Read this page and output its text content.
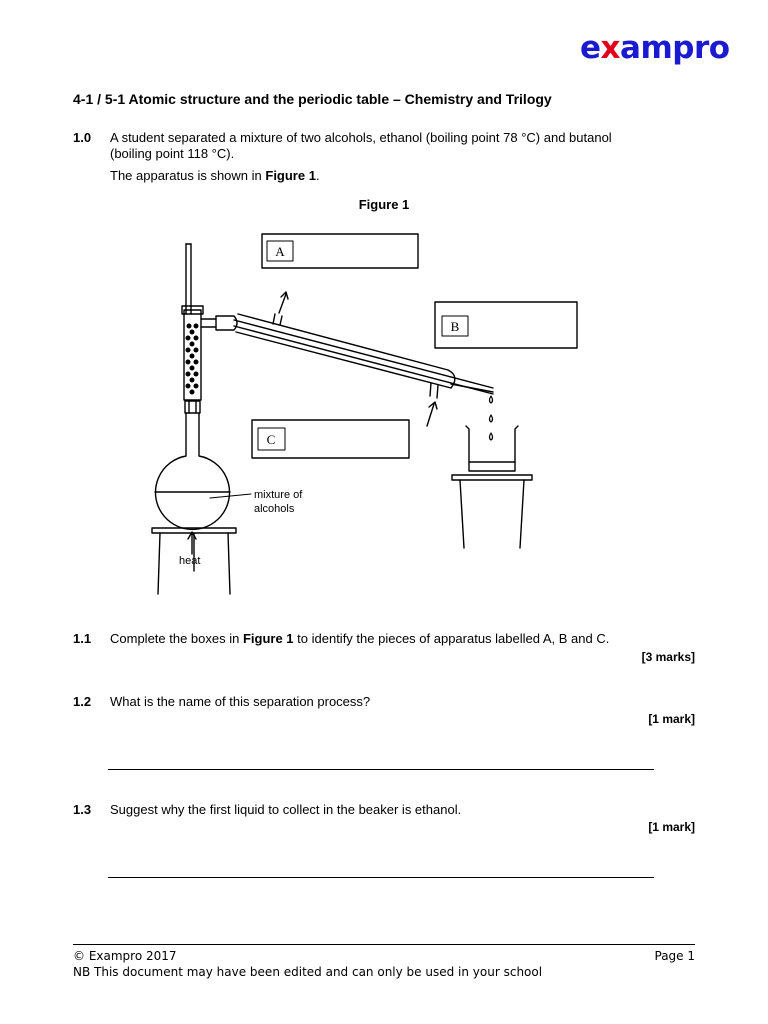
exampro
4-1 / 5-1 Atomic structure and the periodic table – Chemistry and Trilogy
1.0 A student separated a mixture of two alcohols, ethanol (boiling point 78 °C) and butanol
(boiling point 118 °C).
The apparatus is shown in Figure 1.
Figure 1
A
B
C
mixture of
alcohols
heat
1.1 Complete the boxes in Figure 1 to identify the pieces of apparatus labelled A, B and C.
[3 marks]
1.2 What is the name of this separation process?
[1 mark]
1.3 Suggest why the first liquid to collect in the beaker is ethanol.
[1 mark]
© Exampro 2017	Page 1
NB This document may have been edited and can only be used in your school
